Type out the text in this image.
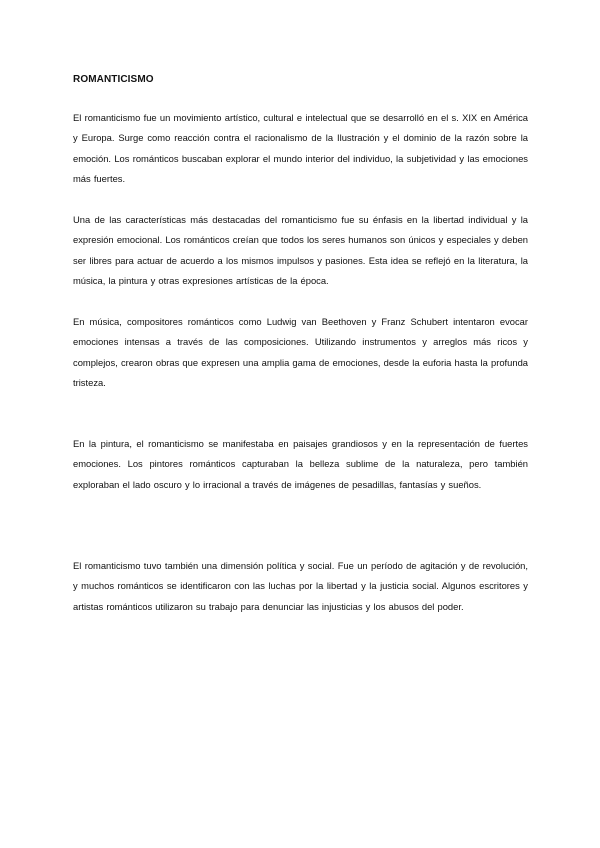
ROMANTICISMO

El romanticismo fue un movimiento artístico, cultural e intelectual que se desarrolló en el s. XIX en América y Europa. Surge como reacción contra el racionalismo de la Ilustración y el dominio de la razón sobre la emoción. Los románticos buscaban explorar el mundo interior del individuo, la subjetividad y las emociones más fuertes.

Una de las características más destacadas del romanticismo fue su énfasis en la libertad individual y la expresión emocional. Los románticos creían que todos los seres humanos son únicos y especiales y deben ser libres para actuar de acuerdo a los mismos impulsos y pasiones. Esta idea se reflejó en la literatura, la música, la pintura y otras expresiones artísticas de la época.

En música, compositores románticos como Ludwig van Beethoven y Franz Schubert intentaron evocar emociones intensas a través de las composiciones. Utilizando instrumentos y arreglos más ricos y complejos, crearon obras que expresen una amplia gama de emociones, desde la euforia hasta la profunda tristeza.

En la pintura, el romanticismo se manifestaba en paisajes grandiosos y en la representación de fuertes emociones. Los pintores románticos capturaban la belleza sublime de la naturaleza, pero también exploraban el lado oscuro y lo irracional a través de imágenes de pesadillas, fantasías y sueños.

El romanticismo tuvo también una dimensión política y social. Fue un período de agitación y de revolución, y muchos románticos se identificaron con las luchas por la libertad y la justicia social. Algunos escritores y artistas románticos utilizaron su trabajo para denunciar las injusticias y los abusos del poder.
